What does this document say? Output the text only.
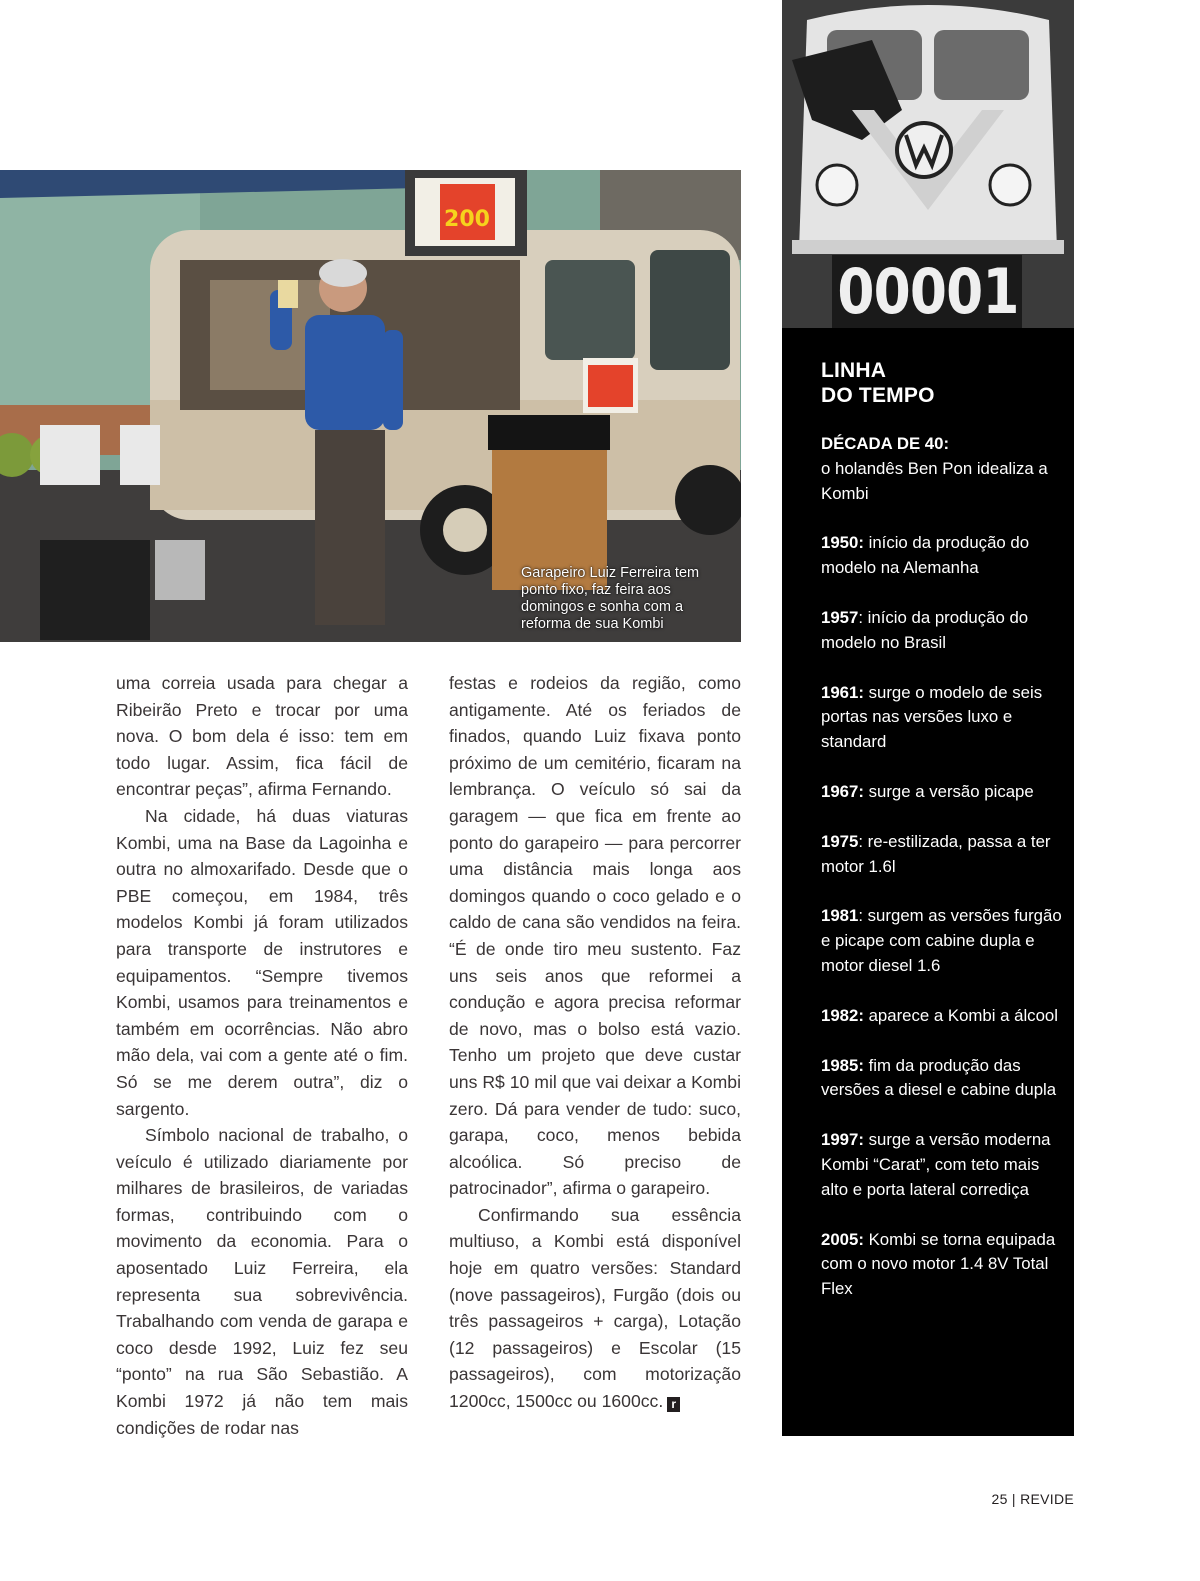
200
Garapeiro Luiz Ferreira tem ponto fixo, faz feira aos domingos e sonha com a reforma de sua Kombi

uma correia usada para chegar a Ribeirão Preto e trocar por uma nova. O bom dela é isso: tem em todo lugar. Assim, fica fácil de encontrar peças”, afirma Fernando.

Na cidade, há duas viaturas Kombi, uma na Base da Lagoinha e outra no almoxarifado. Desde que o PBE começou, em 1984, três modelos Kombi já foram utilizados para transporte de instrutores e equipamentos. “Sempre tivemos Kombi, usamos para treinamentos e também em ocorrências. Não abro mão dela, vai com a gente até o fim. Só se me derem outra”, diz o sargento.

Símbolo nacional de trabalho, o veículo é utilizado diariamente por milhares de brasileiros, de variadas formas, contribuindo com o movimento da economia. Para o aposentado Luiz Ferreira, ela representa sua sobrevivência. Trabalhando com venda de garapa e coco desde 1992, Luiz fez seu “ponto” na rua São Sebastião. A Kombi 1972 já não tem mais condições de rodar nas

festas e rodeios da região, como antigamente. Até os feriados de finados, quando Luiz fixava ponto próximo de um cemitério, ficaram na lembrança. O veículo só sai da garagem — que fica em frente ao ponto do garapeiro — para percorrer uma distância mais longa aos domingos quando o coco gelado e o caldo de cana são vendidos na feira. “É de onde tiro meu sustento. Faz uns seis anos que reformei a condução e agora precisa reformar de novo, mas o bolso está vazio. Tenho um projeto que deve custar uns R$ 10 mil que vai deixar a Kombi zero. Dá para vender de tudo: suco, garapa, coco, menos bebida alcoólica. Só preciso de patrocinador”, afirma o garapeiro.

Confirmando sua essência multiuso, a Kombi está disponível hoje em quatro versões: Standard (nove passageiros), Furgão (dois ou três passageiros + carga), Lotação (12 passageiros) e Escolar (15 passageiros), com motorização 1200cc, 1500cc ou 1600cc. r

00001
LINHA
DO TEMPO
DÉCADA DE 40:
o holandês Ben Pon idealiza a Kombi
1950: início da produção do modelo na Alemanha
1957: início da produção do modelo no Brasil
1961: surge o modelo de seis portas nas versões luxo e standard
1967: surge a versão picape
1975: re-estilizada, passa a ter motor 1.6l
1981: surgem as versões furgão e picape com cabine dupla e motor diesel 1.6
1982: aparece a Kombi a álcool
1985: fim da produção das versões a diesel e cabine dupla
1997: surge a versão moderna Kombi “Carat”, com teto mais alto e porta lateral corrediça
2005: Kombi se torna equipada com o novo motor 1.4 8V Total Flex
25 | REVIDE
